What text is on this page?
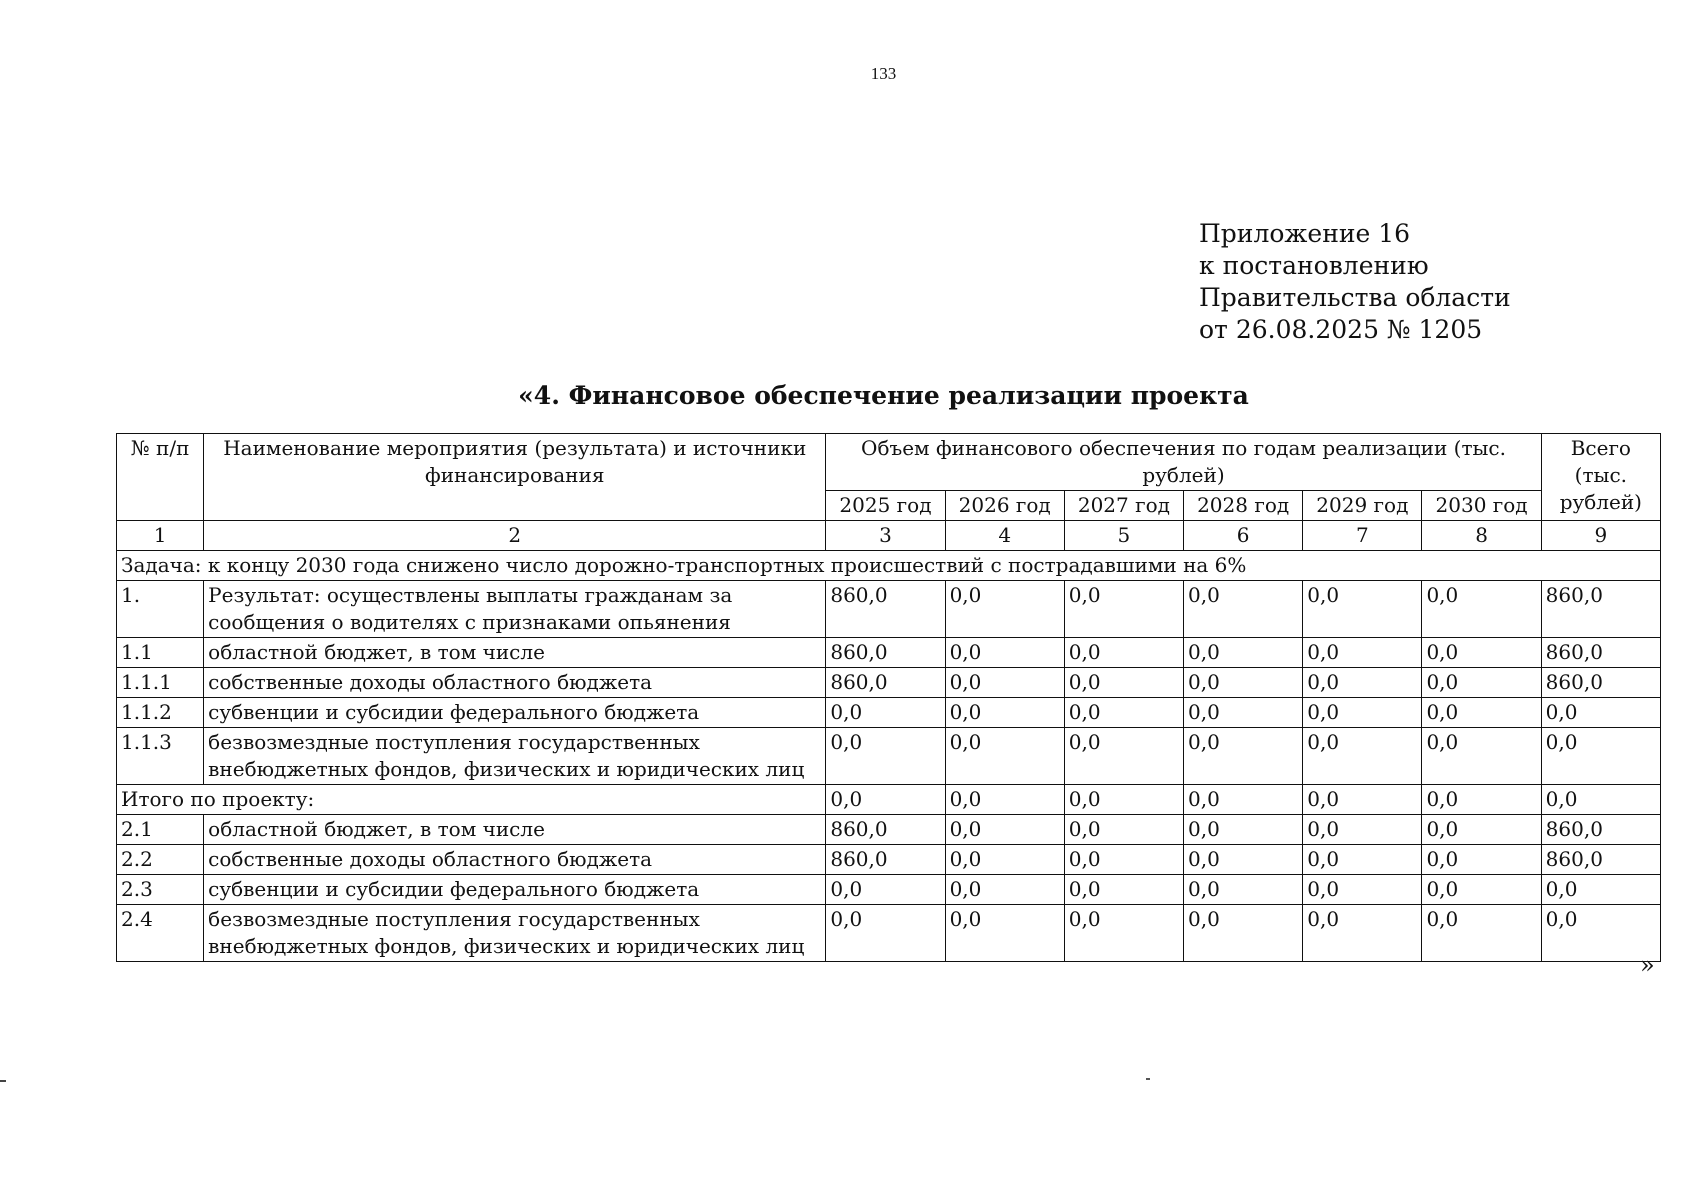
133
Приложение 16
к постановлению
Правительства области
от 26.08.2025 № 1205
«4. Финансовое обеспечение реализации проекта
№ п/п	Наименование мероприятия (результата) и источники финансирования	Объем финансового обеспечения по годам реализации (тыс. рублей)						Всего (тыс. рублей)
		2025 год	2026 год	2027 год	2028 год	2029 год	2030 год	
1	2	3	4	5	6	7	8	9
Задача: к концу 2030 года снижено число дорожно-транспортных происшествий с пострадавшими на 6%								
1.	Результат: осуществлены выплаты гражданам за сообщения о водителях с признаками опьянения	860,0	0,0	0,0	0,0	0,0	0,0	860,0
1.1	областной бюджет, в том числе	860,0	0,0	0,0	0,0	0,0	0,0	860,0
1.1.1	собственные доходы областного бюджета	860,0	0,0	0,0	0,0	0,0	0,0	860,0
1.1.2	субвенции и субсидии федерального бюджета	0,0	0,0	0,0	0,0	0,0	0,0	0,0
1.1.3	безвозмездные поступления государственных внебюджетных фондов, физических и юридических лиц	0,0	0,0	0,0	0,0	0,0	0,0	0,0
Итого по проекту:		0,0	0,0	0,0	0,0	0,0	0,0	0,0
2.1	областной бюджет, в том числе	860,0	0,0	0,0	0,0	0,0	0,0	860,0
2.2	собственные доходы областного бюджета	860,0	0,0	0,0	0,0	0,0	0,0	860,0
2.3	субвенции и субсидии федерального бюджета	0,0	0,0	0,0	0,0	0,0	0,0	0,0
2.4	безвозмездные поступления государственных внебюджетных фондов, физических и юридических лиц	0,0	0,0	0,0	0,0	0,0	0,0	0,0
»
